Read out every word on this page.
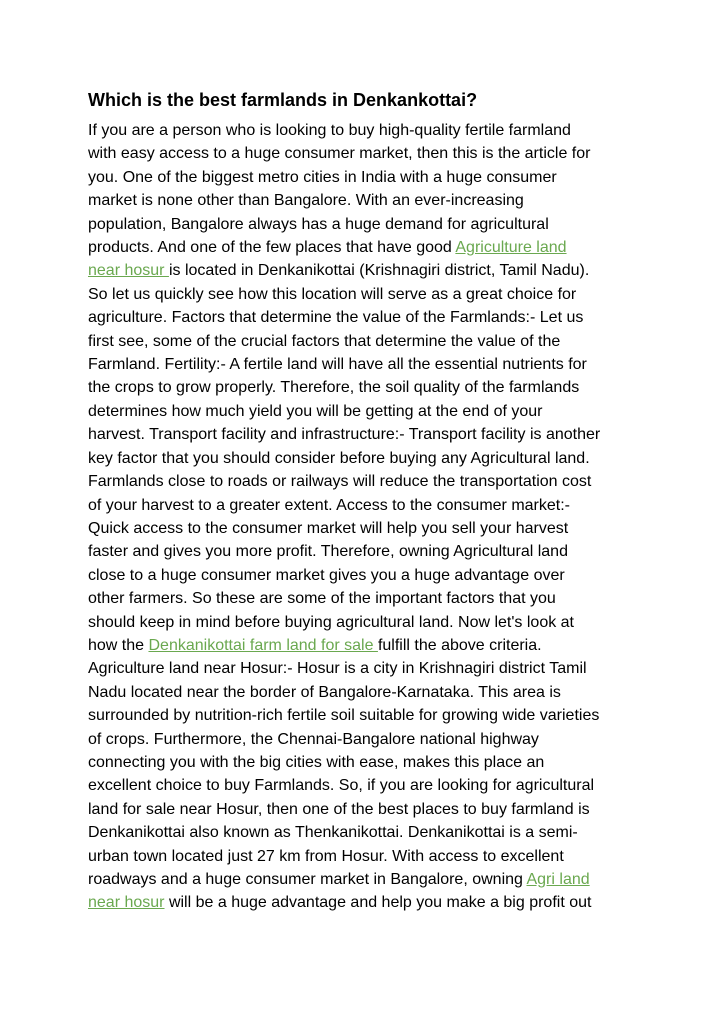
Which is the best farmlands in Denkankottai?

If you are a person who is looking to buy high-quality fertile farmland
with easy access to a huge consumer market, then this is the article for
you. One of the biggest metro cities in India with a huge consumer
market is none other than Bangalore. With an ever-increasing
population, Bangalore always has a huge demand for agricultural
products. And one of the few places that have good Agriculture land
near hosur is located in Denkanikottai (Krishnagiri district, Tamil Nadu).
So let us quickly see how this location will serve as a great choice for
agriculture. Factors that determine the value of the Farmlands:- Let us
first see, some of the crucial factors that determine the value of the
Farmland. Fertility:- A fertile land will have all the essential nutrients for
the crops to grow properly. Therefore, the soil quality of the farmlands
determines how much yield you will be getting at the end of your
harvest. Transport facility and infrastructure:- Transport facility is another
key factor that you should consider before buying any Agricultural land.
Farmlands close to roads or railways will reduce the transportation cost
of your harvest to a greater extent. Access to the consumer market:-
Quick access to the consumer market will help you sell your harvest
faster and gives you more profit. Therefore, owning Agricultural land
close to a huge consumer market gives you a huge advantage over
other farmers. So these are some of the important factors that you
should keep in mind before buying agricultural land. Now let's look at
how the Denkanikottai farm land for sale fulfill the above criteria.
Agriculture land near Hosur:- Hosur is a city in Krishnagiri district Tamil
Nadu located near the border of Bangalore-Karnataka. This area is
surrounded by nutrition-rich fertile soil suitable for growing wide varieties
of crops. Furthermore, the Chennai-Bangalore national highway
connecting you with the big cities with ease, makes this place an
excellent choice to buy Farmlands. So, if you are looking for agricultural
land for sale near Hosur, then one of the best places to buy farmland is
Denkanikottai also known as Thenkanikottai. Denkanikottai is a semi-
urban town located just 27 km from Hosur. With access to excellent
roadways and a huge consumer market in Bangalore, owning Agri land
near hosur will be a huge advantage and help you make a big profit out
